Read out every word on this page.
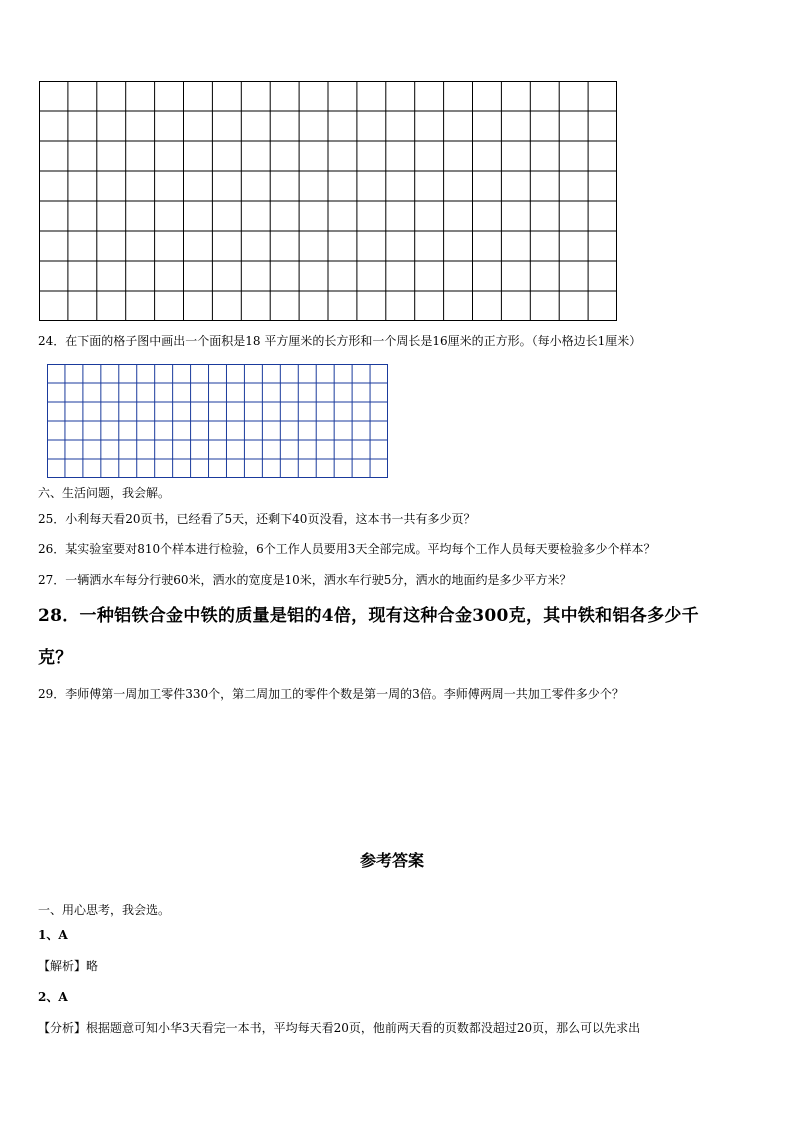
24．在下面的格子图中画出一个面积是18 平方厘米的长方形和一个周长是16厘米的正方形。（每小格边长1厘米）
六、生活问题，我会解。
25．小利每天看20页书，已经看了5天，还剩下40页没看，这本书一共有多少页？
26．某实验室要对810个样本进行检验，6个工作人员要用3天全部完成。平均每个工作人员每天要检验多少个样本？
27．一辆洒水车每分行驶60米，洒水的宽度是10米，洒水车行驶5分，洒水的地面约是多少平方米？
28．一种铝铁合金中铁的质量是铝的4倍，现有这种合金300克，其中铁和铝各多少千
克？
29．李师傅第一周加工零件330个，第二周加工的零件个数是第一周的3倍。李师傅两周一共加工零件多少个？
参考答案
一、用心思考，我会选。
1、A
【解析】略
2、A
【分析】根据题意可知小华3天看完一本书，平均每天看20页，他前两天看的页数都没超过20页，那么可以先求出
